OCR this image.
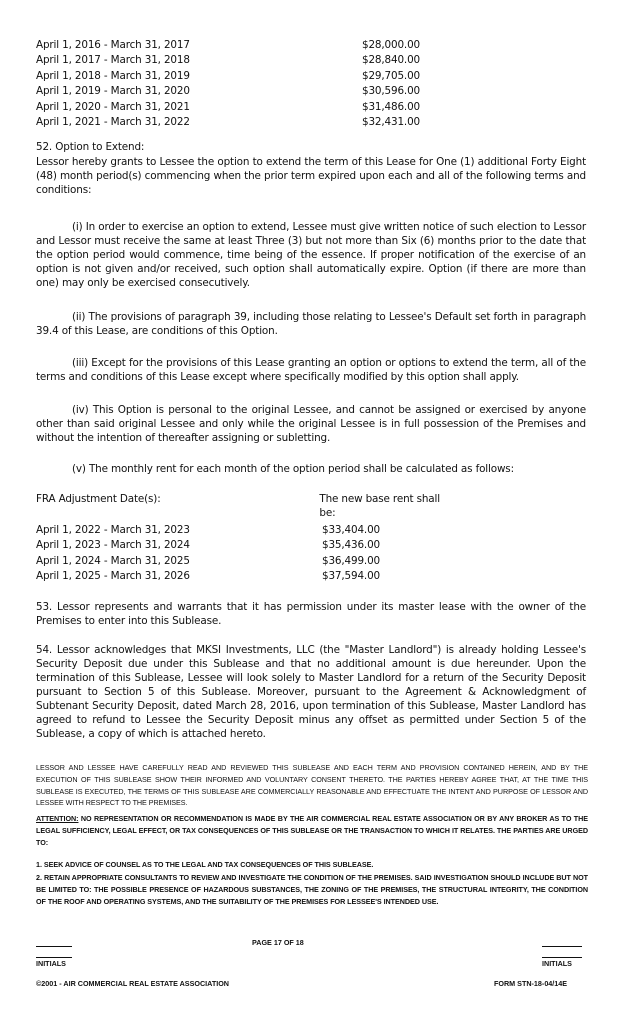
April 1, 2016 - March 31, 2017	$28,000.00
April 1, 2017 - March 31, 2018	$28,840.00
April 1, 2018 - March 31, 2019	$29,705.00
April 1, 2019 - March 31, 2020	$30,596.00
April 1, 2020 - March 31, 2021	$31,486.00
April 1, 2021 - March 31, 2022	$32,431.00
52. Option to Extend:
Lessor hereby grants to Lessee the option to extend the term of this Lease for One (1) additional Forty Eight (48) month period(s) commencing when the prior term expired upon each and all of the following terms and conditions:
(i) In order to exercise an option to extend, Lessee must give written notice of such election to Lessor and Lessor must receive the same at least Three (3) but not more than Six (6) months prior to the date that the option period would commence, time being of the essence. If proper notification of the exercise of an option is not given and/or received, such option shall automatically expire. Option (if there are more than one) may only be exercised consecutively.
(ii) The provisions of paragraph 39, including those relating to Lessee's Default set forth in paragraph 39.4 of this Lease, are conditions of this Option.
(iii) Except for the provisions of this Lease granting an option or options to extend the term, all of the terms and conditions of this Lease except where specifically modified by this option shall apply.
(iv) This Option is personal to the original Lessee, and cannot be assigned or exercised by anyone other than said original Lessee and only while the original Lessee is in full possession of the Premises and without the intention of thereafter assigning or subletting.
(v) The monthly rent for each month of the option period shall be calculated as follows:
FRA Adjustment Date(s):	The new base rent shall be:
April 1, 2022 - March 31, 2023	$33,404.00
April 1, 2023 - March 31, 2024	$35,436.00
April 1, 2024 - March 31, 2025	$36,499.00
April 1, 2025 - March 31, 2026	$37,594.00
53. Lessor represents and warrants that it has permission under its master lease with the owner of the Premises to enter into this Sublease.
54. Lessor acknowledges that MKSI Investments, LLC (the "Master Landlord") is already holding Lessee's Security Deposit due under this Sublease and that no additional amount is due hereunder. Upon the termination of this Sublease, Lessee will look solely to Master Landlord for a return of the Security Deposit pursuant to Section 5 of this Sublease. Moreover, pursuant to the Agreement & Acknowledgment of Subtenant Security Deposit, dated March 28, 2016, upon termination of this Sublease, Master Landlord has agreed to refund to Lessee the Security Deposit minus any offset as permitted under Section 5 of the Sublease, a copy of which is attached hereto.
LESSOR AND LESSEE HAVE CAREFULLY READ AND REVIEWED THIS SUBLEASE AND EACH TERM AND PROVISION CONTAINED HEREIN, AND BY THE EXECUTION OF THIS SUBLEASE SHOW THEIR INFORMED AND VOLUNTARY CONSENT THERETO. THE PARTIES HEREBY AGREE THAT, AT THE TIME THIS SUBLEASE IS EXECUTED, THE TERMS OF THIS SUBLEASE ARE COMMERCIALLY REASONABLE AND EFFECTUATE THE INTENT AND PURPOSE OF LESSOR AND LESSEE WITH RESPECT TO THE PREMISES.
ATTENTION: NO REPRESENTATION OR RECOMMENDATION IS MADE BY THE AIR COMMERCIAL REAL ESTATE ASSOCIATION OR BY ANY BROKER AS TO THE LEGAL SUFFICIENCY, LEGAL EFFECT, OR TAX CONSEQUENCES OF THIS SUBLEASE OR THE TRANSACTION TO WHICH IT RELATES. THE PARTIES ARE URGED TO:
1. SEEK ADVICE OF COUNSEL AS TO THE LEGAL AND TAX CONSEQUENCES OF THIS SUBLEASE.
2. RETAIN APPROPRIATE CONSULTANTS TO REVIEW AND INVESTIGATE THE CONDITION OF THE PREMISES. SAID INVESTIGATION SHOULD INCLUDE BUT NOT BE LIMITED TO: THE POSSIBLE PRESENCE OF HAZARDOUS SUBSTANCES, THE ZONING OF THE PREMISES, THE STRUCTURAL INTEGRITY, THE CONDITION OF THE ROOF AND OPERATING SYSTEMS, AND THE SUITABILITY OF THE PREMISES FOR LESSEE'S INTENDED USE.
PAGE 17 OF 18
INITIALS	INITIALS
©2001 - AIR COMMERCIAL REAL ESTATE ASSOCIATION	FORM STN-18-04/14E
